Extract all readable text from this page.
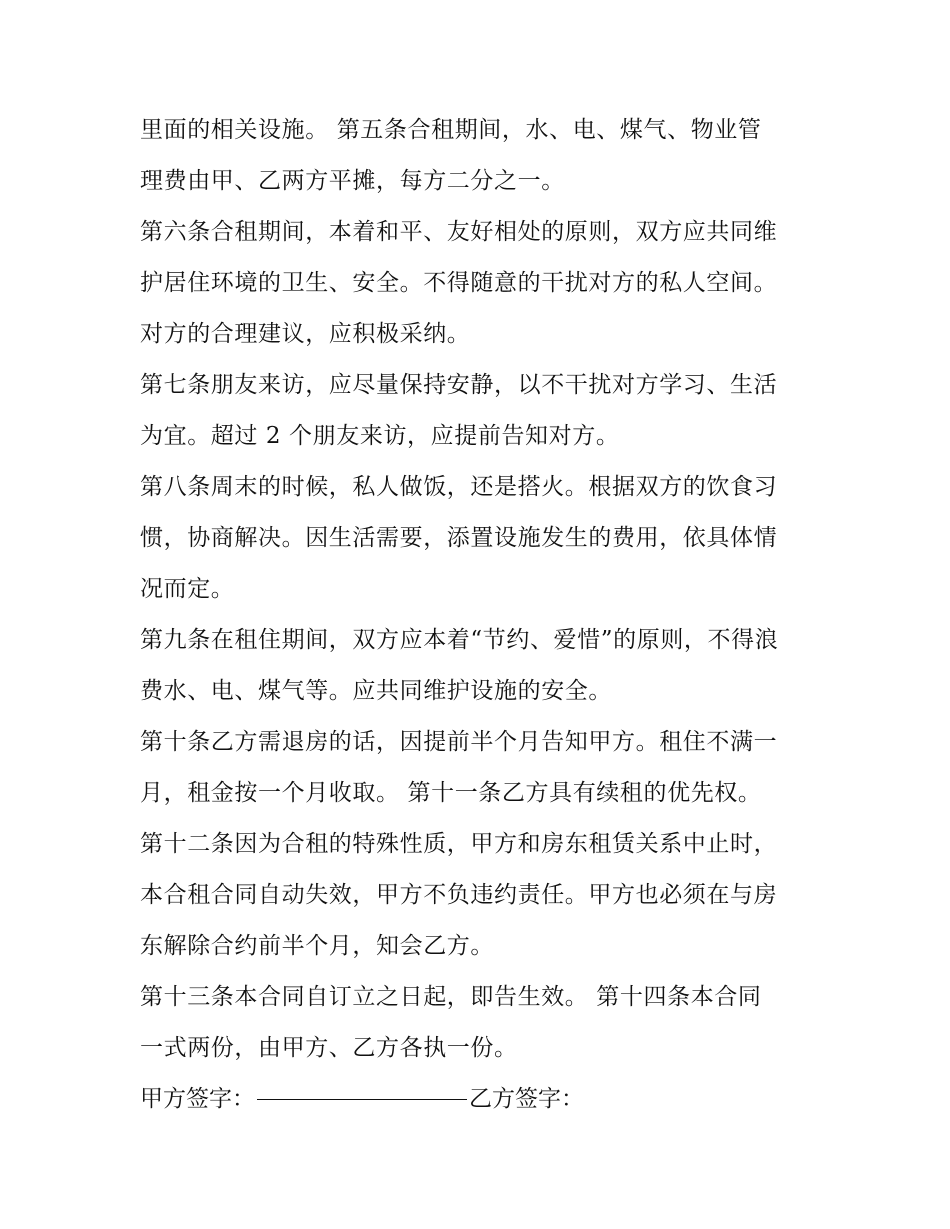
里面的相关设施。 第五条合租期间，水、电、煤气、物业管
理费由甲、乙两方平摊，每方二分之一。
第六条合租期间，本着和平、友好相处的原则，双方应共同维
护居住环境的卫生、安全。不得随意的干扰对方的私人空间。
对方的合理建议，应积极采纳。
第七条朋友来访，应尽量保持安静，以不干扰对方学习、生活
为宜。超过 2 个朋友来访，应提前告知对方。
第八条周末的时候，私人做饭，还是搭火。根据双方的饮食习
惯，协商解决。因生活需要，添置设施发生的费用，依具体情
况而定。
第九条在租住期间，双方应本着“节约、爱惜”的原则，不得浪
费水、电、煤气等。应共同维护设施的安全。
第十条乙方需退房的话，因提前半个月告知甲方。租住不满一
月，租金按一个月收取。 第十一条乙方具有续租的优先权。
第十二条因为合租的特殊性质，甲方和房东租赁关系中止时，
本合租合同自动失效，甲方不负违约责任。甲方也必须在与房
东解除合约前半个月，知会乙方。
第十三条本合同自订立之日起，即告生效。 第十四条本合同
一式两份，由甲方、乙方各执一份。
甲方签字：	乙方签字：
